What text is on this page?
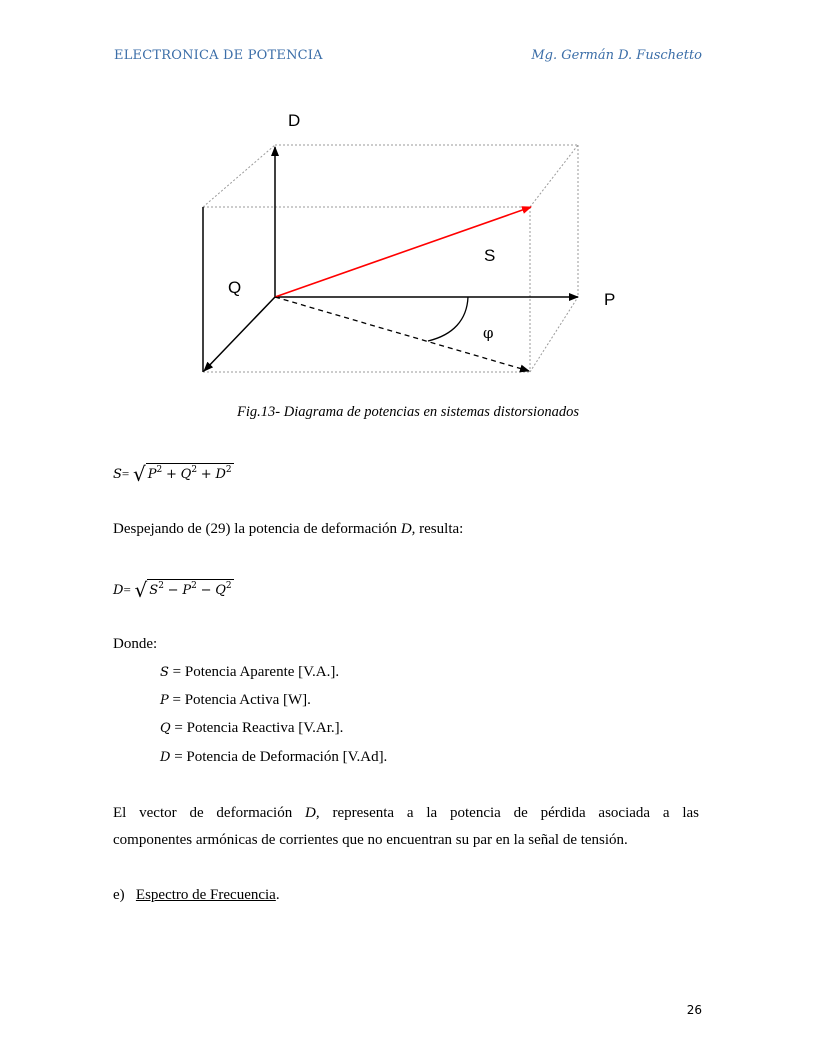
ELECTRONICA DE POTENCIA	Mg. Germán D. Fuschetto
D
Q
S
P
φ
Fig.13- Diagrama de potencias en sistemas distorsionados
S= √ $P^2 + Q^2 + D^2$
Despejando de (29) la potencia de deformación D, resulta:
D= √ $S^2 - P^2 - Q^2$
Donde:
S = Potencia Aparente [V.A.].
P = Potencia Activa [W].
Q = Potencia Reactiva [V.Ar.].
D = Potencia de Deformación [V.Ad].
El vector de deformación D, representa a la potencia de pérdida asociada a las
componentes armónicas de corrientes que no encuentran su par en la señal de tensión.
e) Espectro de Frecuencia.
26
